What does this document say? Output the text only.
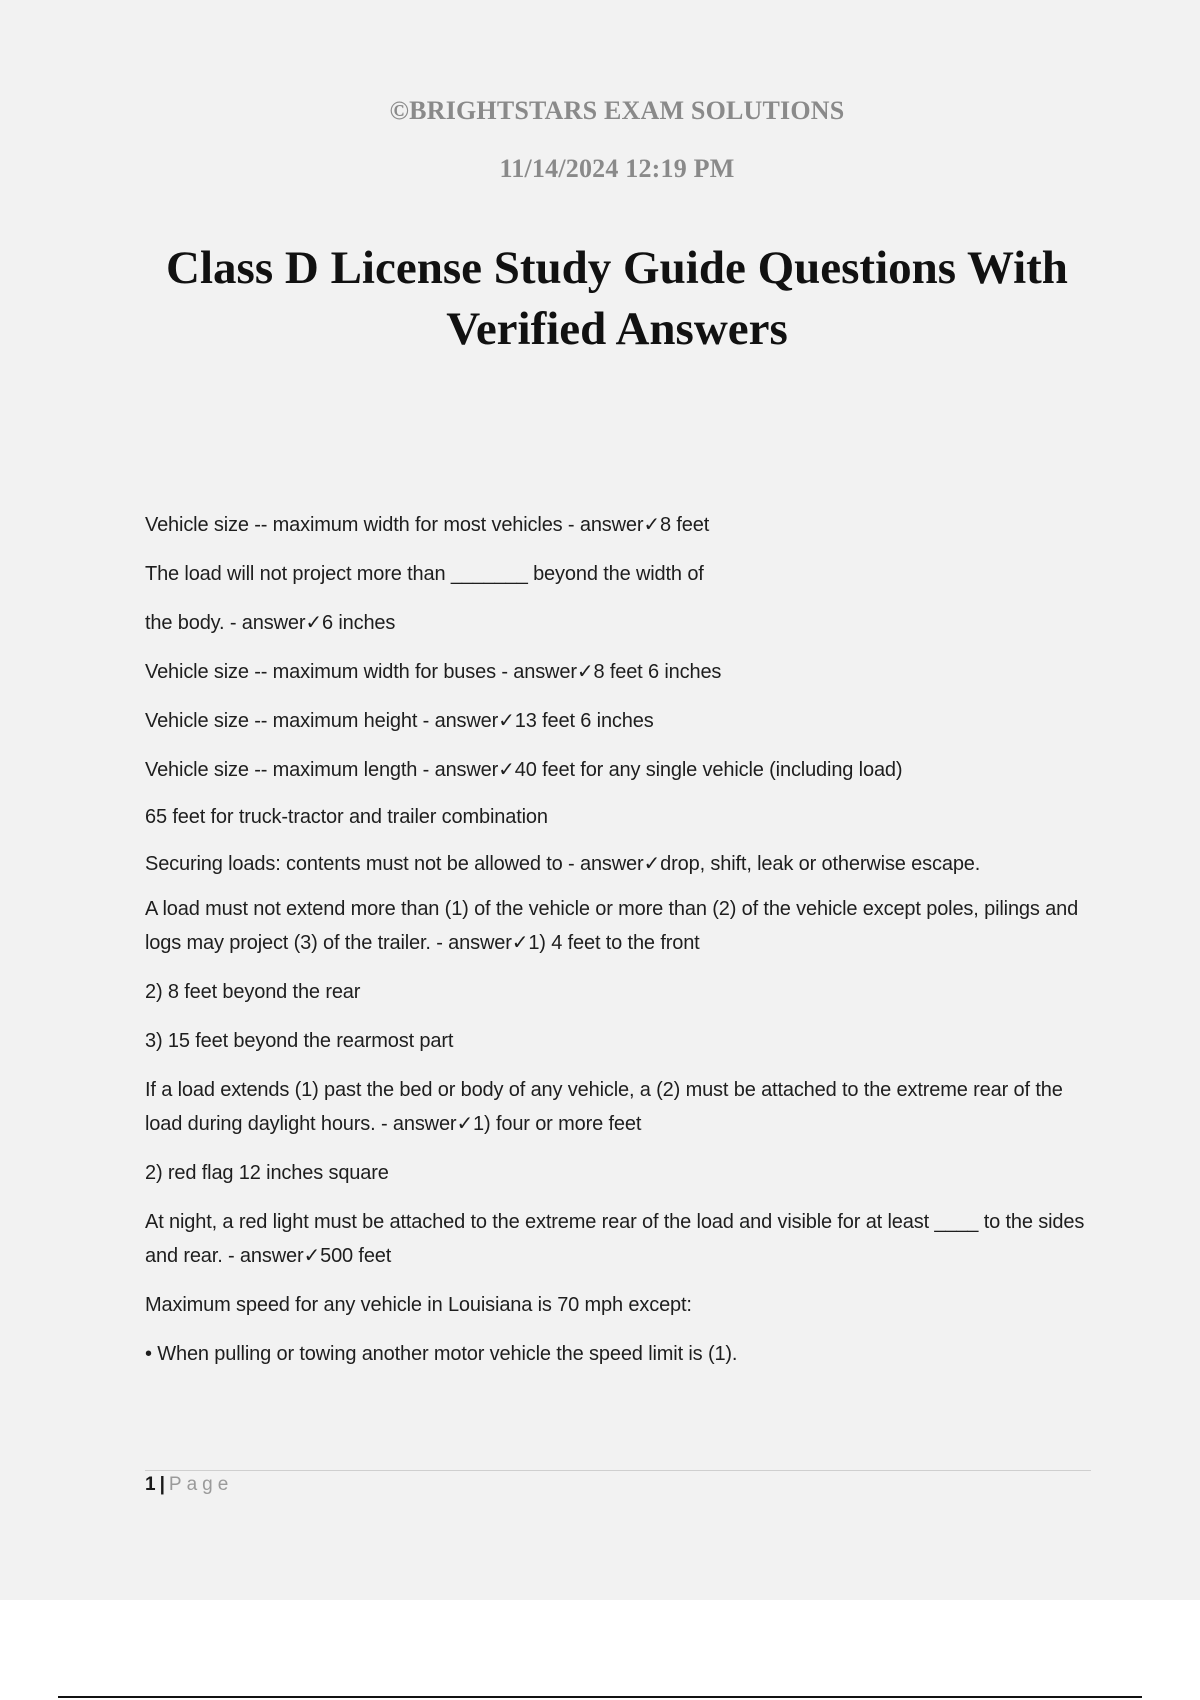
©BRIGHTSTARS EXAM SOLUTIONS
11/14/2024 12:19 PM
Class D License Study Guide Questions With
Verified Answers

Vehicle size -- maximum width for most vehicles - answer✓8 feet

The load will not project more than _______ beyond the width of

the body. - answer✓6 inches

Vehicle size -- maximum width for buses - answer✓8 feet 6 inches

Vehicle size -- maximum height - answer✓13 feet 6 inches

Vehicle size -- maximum length - answer✓40 feet for any single vehicle (including load)

65 feet for truck-tractor and trailer combination

Securing loads: contents must not be allowed to - answer✓drop, shift, leak or otherwise escape.

A load must not extend more than (1) of the vehicle or more than (2) of the vehicle except poles, pilings and logs may project (3) of the trailer. - answer✓1) 4 feet to the front

2) 8 feet beyond the rear

3) 15 feet beyond the rearmost part

If a load extends (1) past the bed or body of any vehicle, a (2) must be attached to the extreme rear of the load during daylight hours. - answer✓1) four or more feet

2) red flag 12 inches square

At night, a red light must be attached to the extreme rear of the load and visible for at least ____ to the sides and rear. - answer✓500 feet

Maximum speed for any vehicle in Louisiana is 70 mph except:

• When pulling or towing another motor vehicle the speed limit is (1).

1 | Page
